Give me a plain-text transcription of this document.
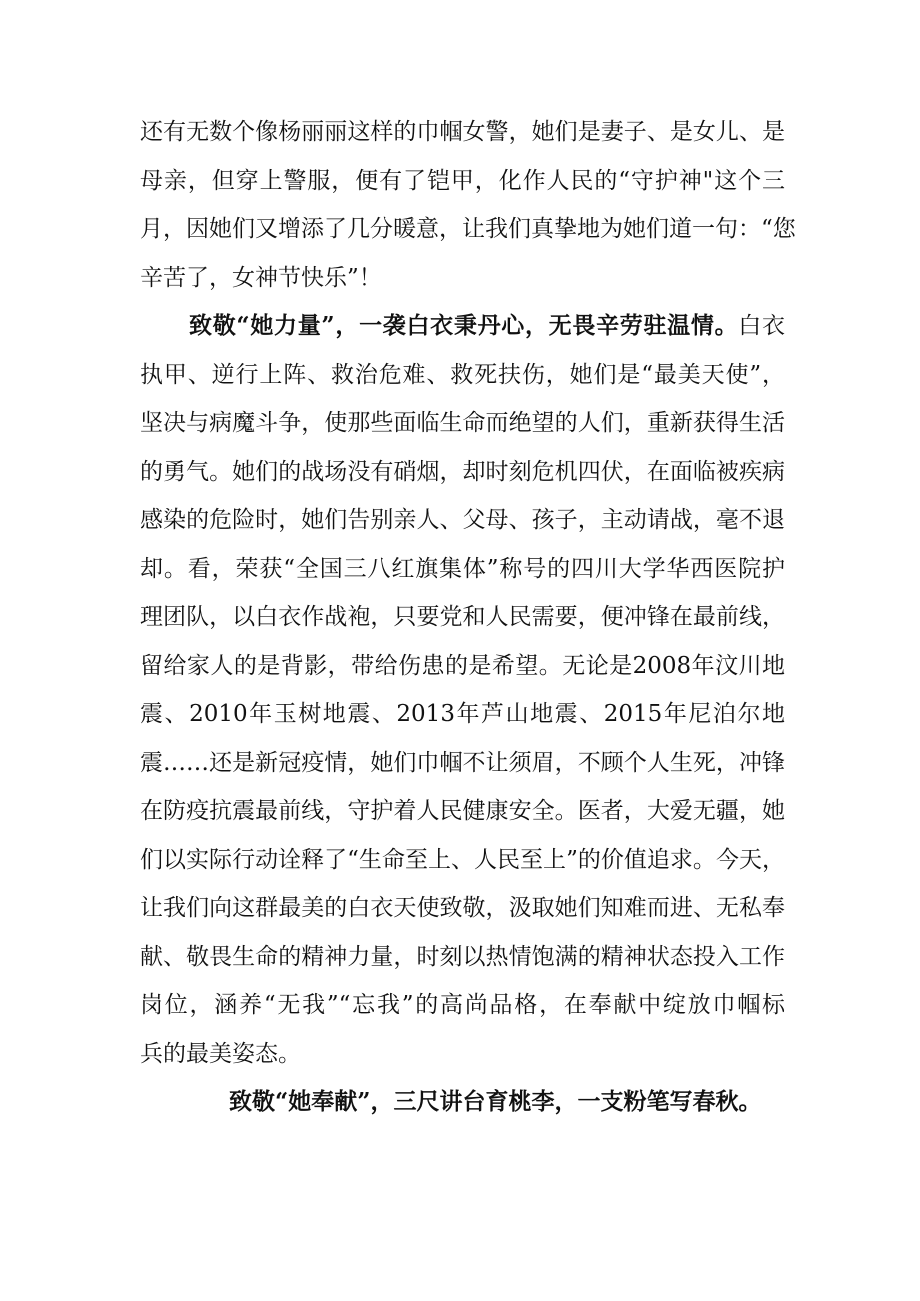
还有无数个像杨丽丽这样的巾帼女警，她们是妻子、是女儿、是
母亲，但穿上警服，便有了铠甲，化作人民的“守护神"这个三
月，因她们又增添了几分暖意，让我们真挚地为她们道一句：“您
辛苦了，女神节快乐”！
致敬“她力量”，一袭白衣秉丹心，无畏辛劳驻温情。白衣
执甲、逆行上阵、救治危难、救死扶伤，她们是“最美天使”，
坚决与病魔斗争，使那些面临生命而绝望的人们，重新获得生活
的勇气。她们的战场没有硝烟，却时刻危机四伏，在面临被疾病
感染的危险时，她们告别亲人、父母、孩子，主动请战，毫不退
却。看，荣获“全国三八红旗集体”称号的四川大学华西医院护
理团队，以白衣作战袍，只要党和人民需要，便冲锋在最前线，
留给家人的是背影，带给伤患的是希望。无论是2008年汶川地
震、2010年玉树地震、2013年芦山地震、2015年尼泊尔地
震……还是新冠疫情，她们巾帼不让须眉，不顾个人生死，冲锋
在防疫抗震最前线，守护着人民健康安全。医者，大爱无疆，她
们以实际行动诠释了“生命至上、人民至上”的价值追求。今天，
让我们向这群最美的白衣天使致敬，汲取她们知难而进、无私奉
献、敬畏生命的精神力量，时刻以热情饱满的精神状态投入工作
岗位，涵养“无我”“忘我”的高尚品格，在奉献中绽放巾帼标
兵的最美姿态。
致敬“她奉献”，三尺讲台育桃李，一支粉笔写春秋。
